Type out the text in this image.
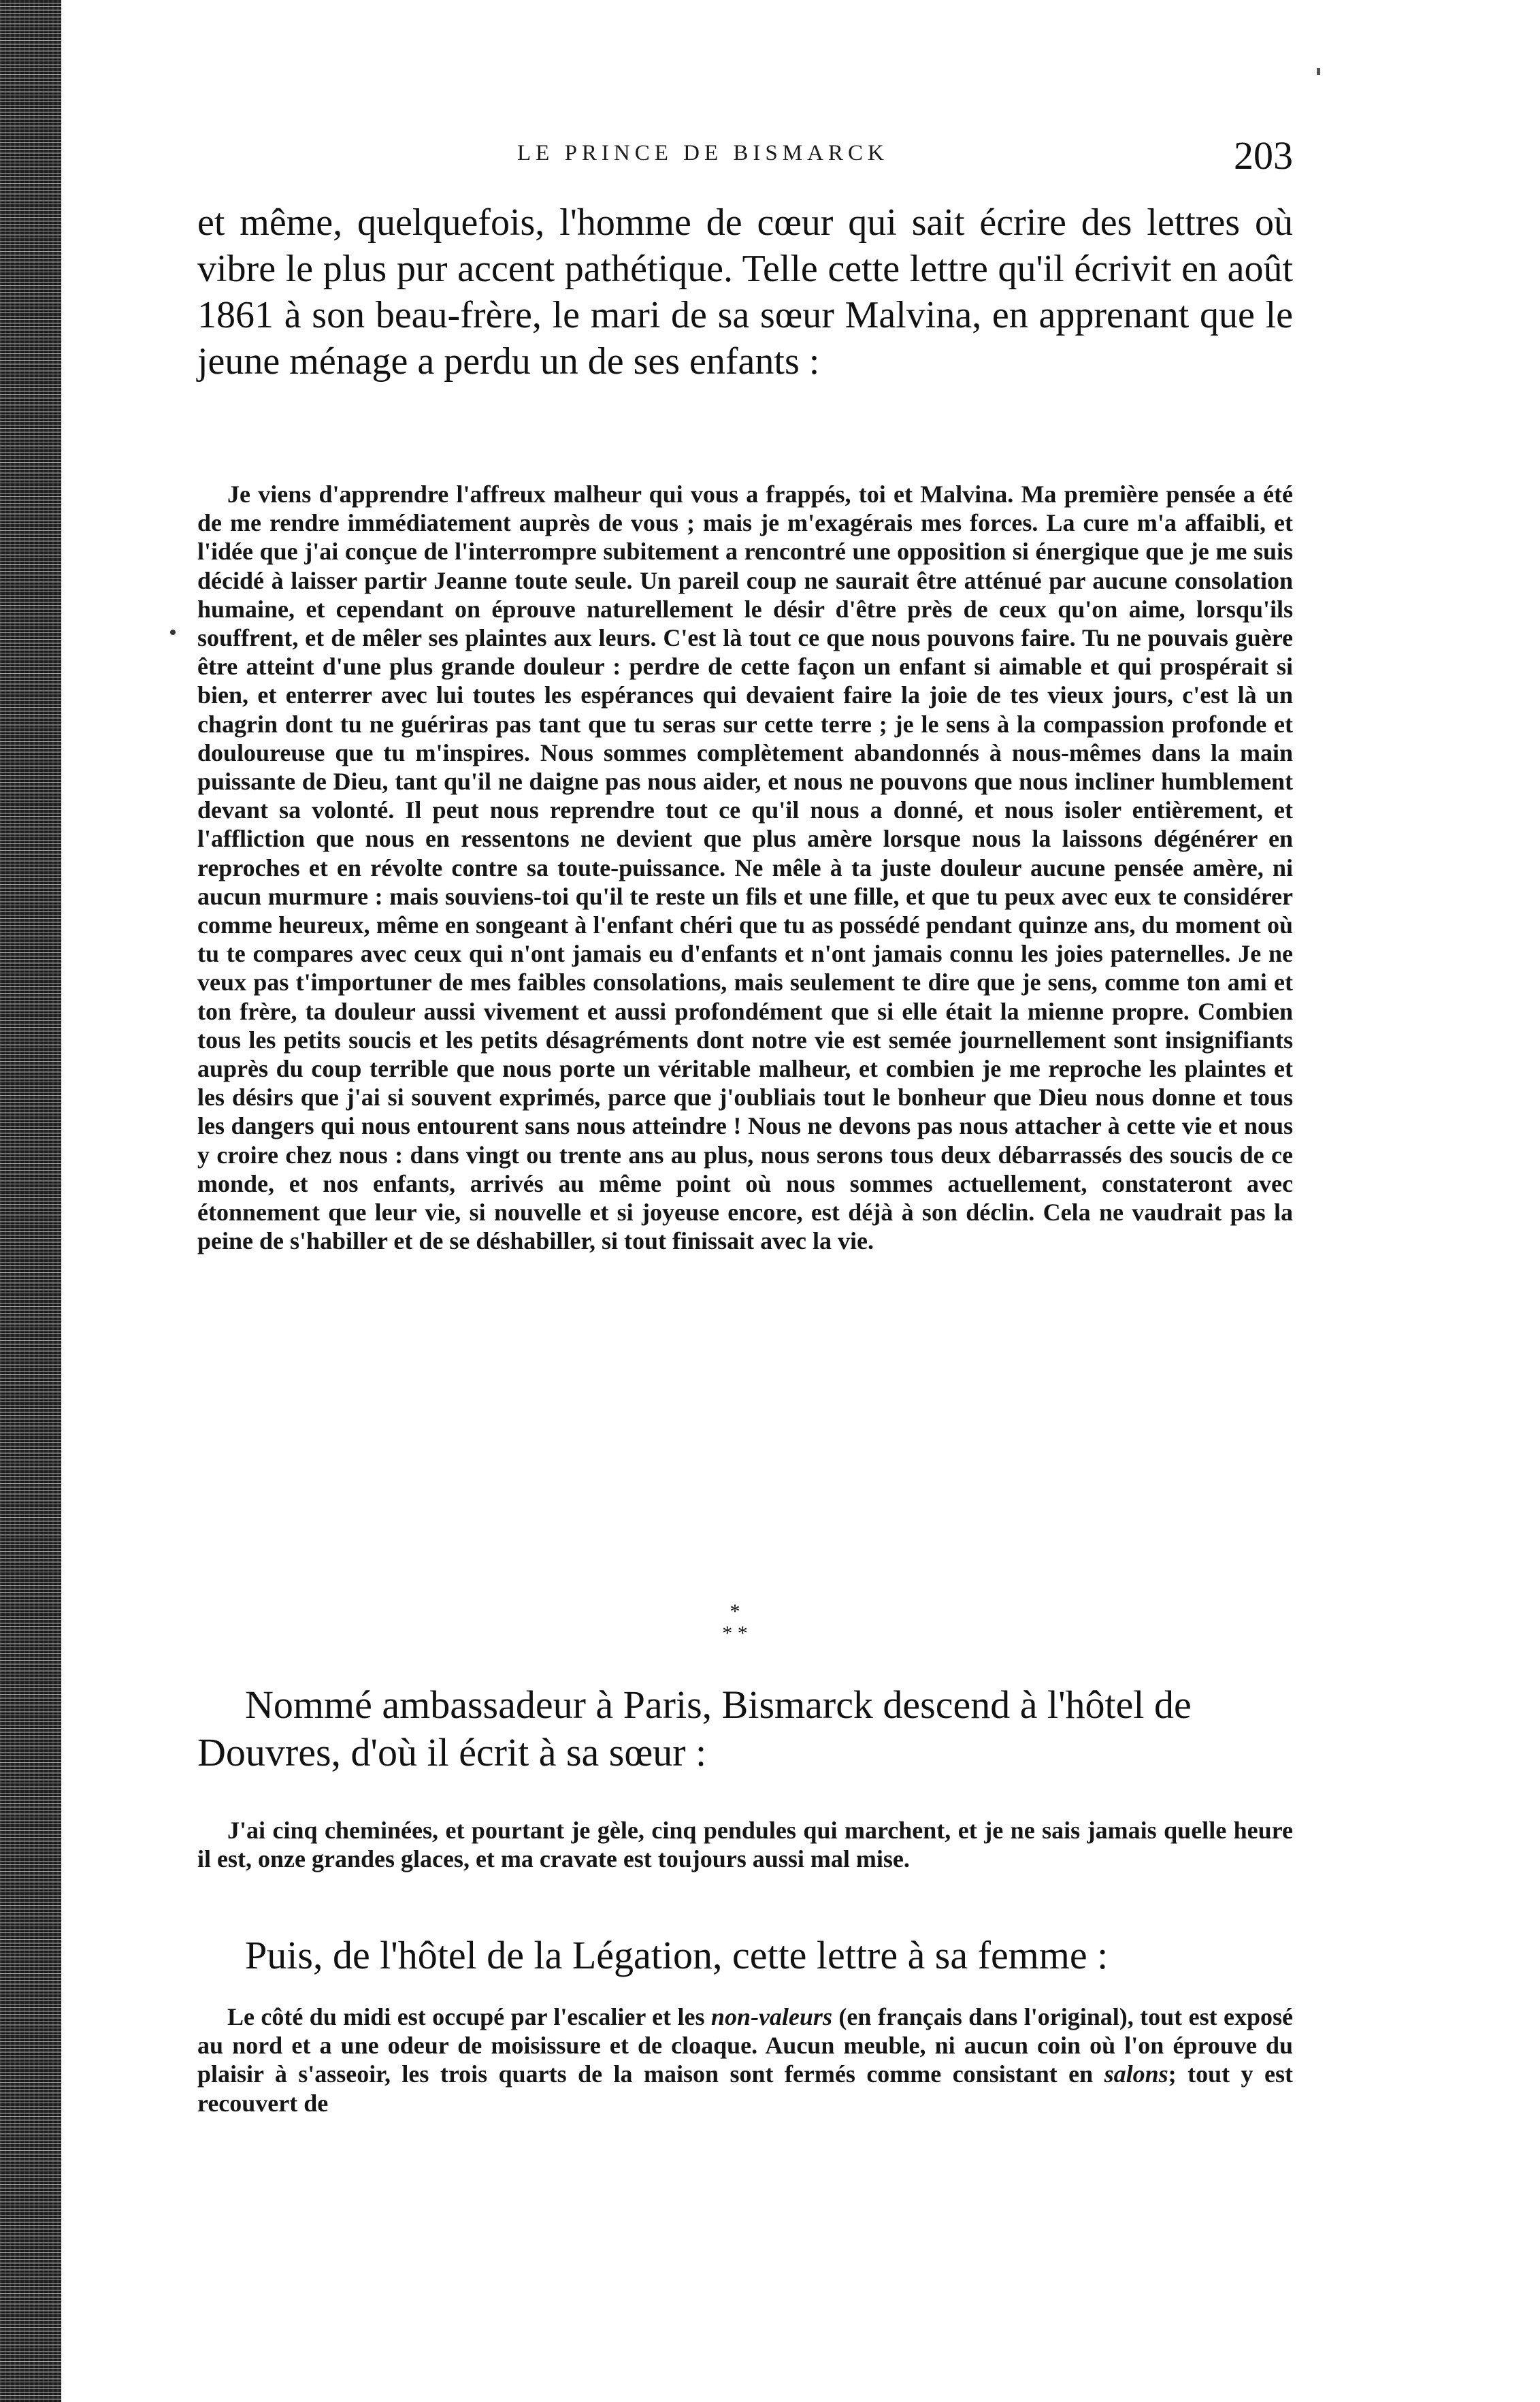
LE PRINCE DE BISMARCK	203
et même, quelquefois, l'homme de cœur qui sait écrire des lettres où vibre le plus pur accent pathétique. Telle cette lettre qu'il écrivit en août 1861 à son beau-frère, le mari de sa sœur Malvina, en apprenant que le jeune ménage a perdu un de ses enfants :

Je viens d'apprendre l'affreux malheur qui vous a frappés, toi et Malvina. Ma première pensée a été de me rendre immédiatement auprès de vous ; mais je m'exagérais mes forces. La cure m'a affaibli, et l'idée que j'ai conçue de l'interrompre subitement a rencontré une opposition si énergique que je me suis décidé à laisser partir Jeanne toute seule. Un pareil coup ne saurait être atténué par aucune consolation humaine, et cependant on éprouve naturellement le désir d'être près de ceux qu'on aime, lorsqu'ils souffrent, et de mêler ses plaintes aux leurs. C'est là tout ce que nous pouvons faire. Tu ne pouvais guère être atteint d'une plus grande douleur : perdre de cette façon un enfant si aimable et qui prospérait si bien, et enterrer avec lui toutes les espérances qui devaient faire la joie de tes vieux jours, c'est là un chagrin dont tu ne guériras pas tant que tu seras sur cette terre ; je le sens à la compassion profonde et douloureuse que tu m'inspires. Nous sommes complètement abandonnés à nous-mêmes dans la main puissante de Dieu, tant qu'il ne daigne pas nous aider, et nous ne pouvons que nous incliner humblement devant sa volonté. Il peut nous reprendre tout ce qu'il nous a donné, et nous isoler entièrement, et l'affliction que nous en ressentons ne devient que plus amère lorsque nous la laissons dégénérer en reproches et en révolte contre sa toute-puissance. Ne mêle à ta juste douleur aucune pensée amère, ni aucun murmure : mais souviens-toi qu'il te reste un fils et une fille, et que tu peux avec eux te considérer comme heureux, même en songeant à l'enfant chéri que tu as possédé pendant quinze ans, du moment où tu te compares avec ceux qui n'ont jamais eu d'enfants et n'ont jamais connu les joies paternelles. Je ne veux pas t'importuner de mes faibles consolations, mais seulement te dire que je sens, comme ton ami et ton frère, ta douleur aussi vivement et aussi profondément que si elle était la mienne propre. Combien tous les petits soucis et les petits désagréments dont notre vie est semée journellement sont insignifiants auprès du coup terrible que nous porte un véritable malheur, et combien je me reproche les plaintes et les désirs que j'ai si souvent exprimés, parce que j'oubliais tout le bonheur que Dieu nous donne et tous les dangers qui nous entourent sans nous atteindre ! Nous ne devons pas nous attacher à cette vie et nous y croire chez nous : dans vingt ou trente ans au plus, nous serons tous deux débarrassés des soucis de ce monde, et nos enfants, arrivés au même point où nous sommes actuellement, constateront avec étonnement que leur vie, si nouvelle et si joyeuse encore, est déjà à son déclin. Cela ne vaudrait pas la peine de s'habiller et de se déshabiller, si tout finissait avec la vie.

*
* *
Nommé ambassadeur à Paris, Bismarck descend à l'hôtel de Douvres, d'où il écrit à sa sœur :

J'ai cinq cheminées, et pourtant je gèle, cinq pendules qui marchent, et je ne sais jamais quelle heure il est, onze grandes glaces, et ma cravate est toujours aussi mal mise.

Puis, de l'hôtel de la Légation, cette lettre à sa femme :

Le côté du midi est occupé par l'escalier et les non-valeurs (en français dans l'original), tout est exposé au nord et a une odeur de moisissure et de cloaque. Aucun meuble, ni aucun coin où l'on éprouve du plaisir à s'asseoir, les trois quarts de la maison sont fermés comme consistant en salons; tout y est recouvert de
